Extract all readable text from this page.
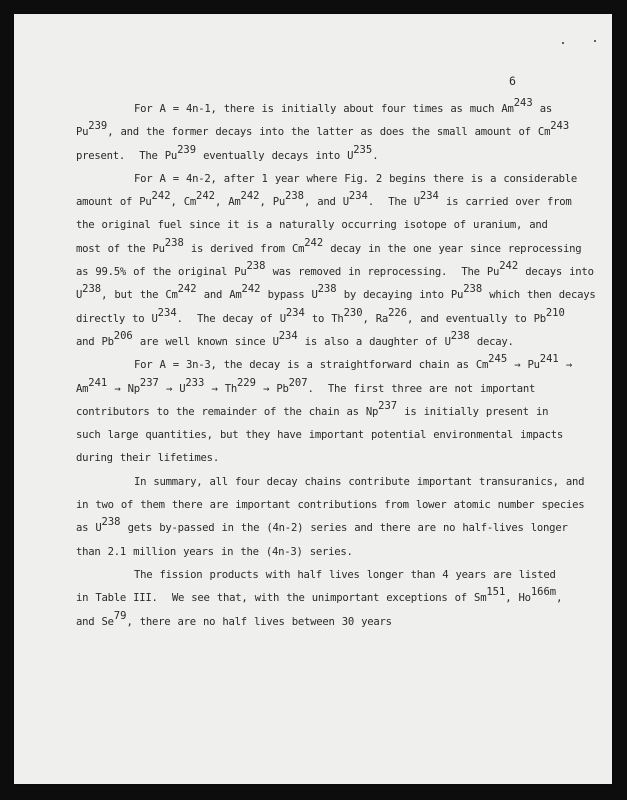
6
For A = 4n-1, there is initially about four times as much Am$^{243}$ as
Pu$^{239}$, and the former decays into the latter as does the small amount of Cm$^{243}$
present.  The Pu$^{239}$ eventually decays into $U^{235}$.
For A = 4n-2, after 1 year where Fig. 2 begins there is a considerable
amount of Pu$^{242}$, Cm$^{242}$, Am$^{242}$, Pu$^{238}$, and $U^{234}$.  The $U^{234}$ is carried over from
the original fuel since it is a naturally occurring isotope of uranium, and
most of the Pu$^{238}$ is derived from Cm$^{242}$ decay in the one year since reprocessing
as 99.5% of the original Pu$^{238}$ was removed in reprocessing.  The Pu$^{242}$ decays into
$U^{238}$, but the Cm$^{242}$ and Am$^{242}$ bypass $U^{238}$ by decaying into Pu$^{238}$ which then decays
directly to $U^{234}$.  The decay of $U^{234}$ to Th$^{230}$, Ra$^{226}$, and eventually to Pb$^{210}$
and Pb$^{206}$ are well known since $U^{234}$ is also a daughter of $U^{238}$ decay.
For A = 3n-3, the decay is a straightforward chain as $Cm^{245} \to Pu^{241}$ →
$Am^{241} \to Np^{237} \to U^{233} \to Th^{229} \to Pb^{207}$.  The first three are not important
contributors to the remainder of the chain as Np$^{237}$ is initially present in
such large quantities, but they have important potential environmental impacts
during their lifetimes.
In summary, all four decay chains contribute important transuranics, and
in two of them there are important contributions from lower atomic number species
as $U^{238}$ gets by-passed in the (4n-2) series and there are no half-lives longer
than 2.1 million years in the (4n-3) series.
The fission products with half lives longer than 4 years are listed
in Table III.  We see that, with the unimportant exceptions of Sm$^{151}$, $Ho^{166m}$,
and Se$^{79}$, there are no half lives between 30 years
